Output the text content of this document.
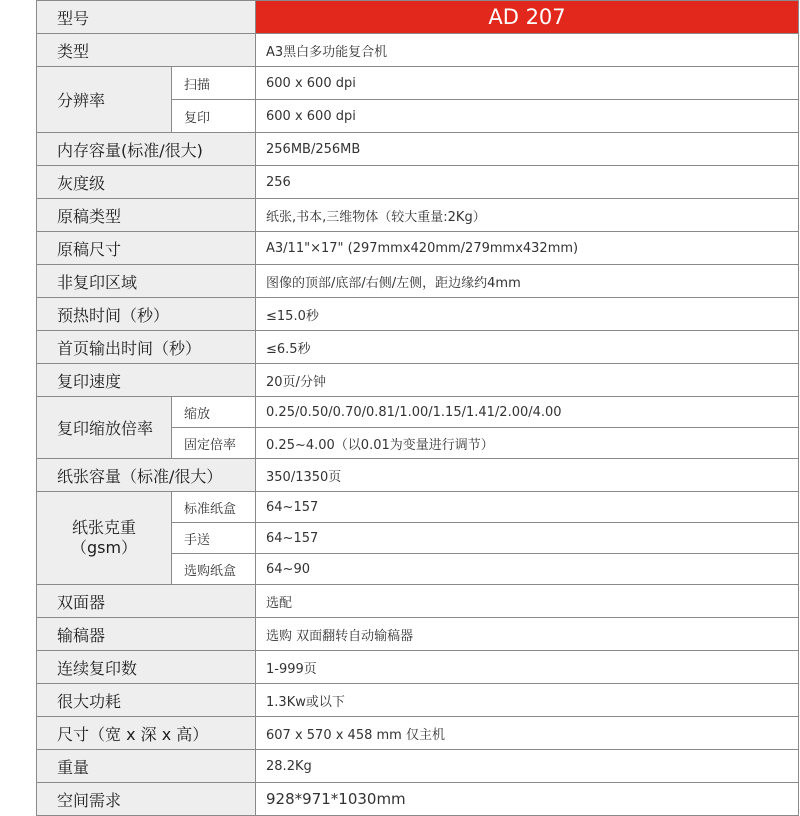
型号		AD 207
类型		A3黑白多功能复合机
分辨率	扫描	600 x 600 dpi
	复印	600 x 600 dpi
内存容量(标准/很大)		256MB/256MB
灰度级		256
原稿类型		纸张,书本,三维物体（较大重量:2Kg）
原稿尺寸		A3/11"×17" (297mmx420mm/279mmx432mm)
非复印区域		图像的顶部/底部/右侧/左侧，距边缘约4mm
预热时间（秒）		≤15.0秒
首页输出时间（秒）		≤6.5秒
复印速度		20页/分钟
复印缩放倍率	缩放	0.25/0.50/0.70/0.81/1.00/1.15/1.41/2.00/4.00
	固定倍率	0.25~4.00（以0.01为变量进行调节）
纸张容量（标准/很大）		350/1350页

纸张克重
（gsm）	标准纸盒	64~157
	手送	64~157
	选购纸盒	64~90
双面器		选配
输稿器		选购 双面翻转自动输稿器
连续复印数		1-999页
很大功耗		1.3Kw或以下
尺寸（宽 x 深 x 高）		607 x 570 x 458 mm 仅主机
重量		28.2Kg
空间需求		928*971*1030mm
